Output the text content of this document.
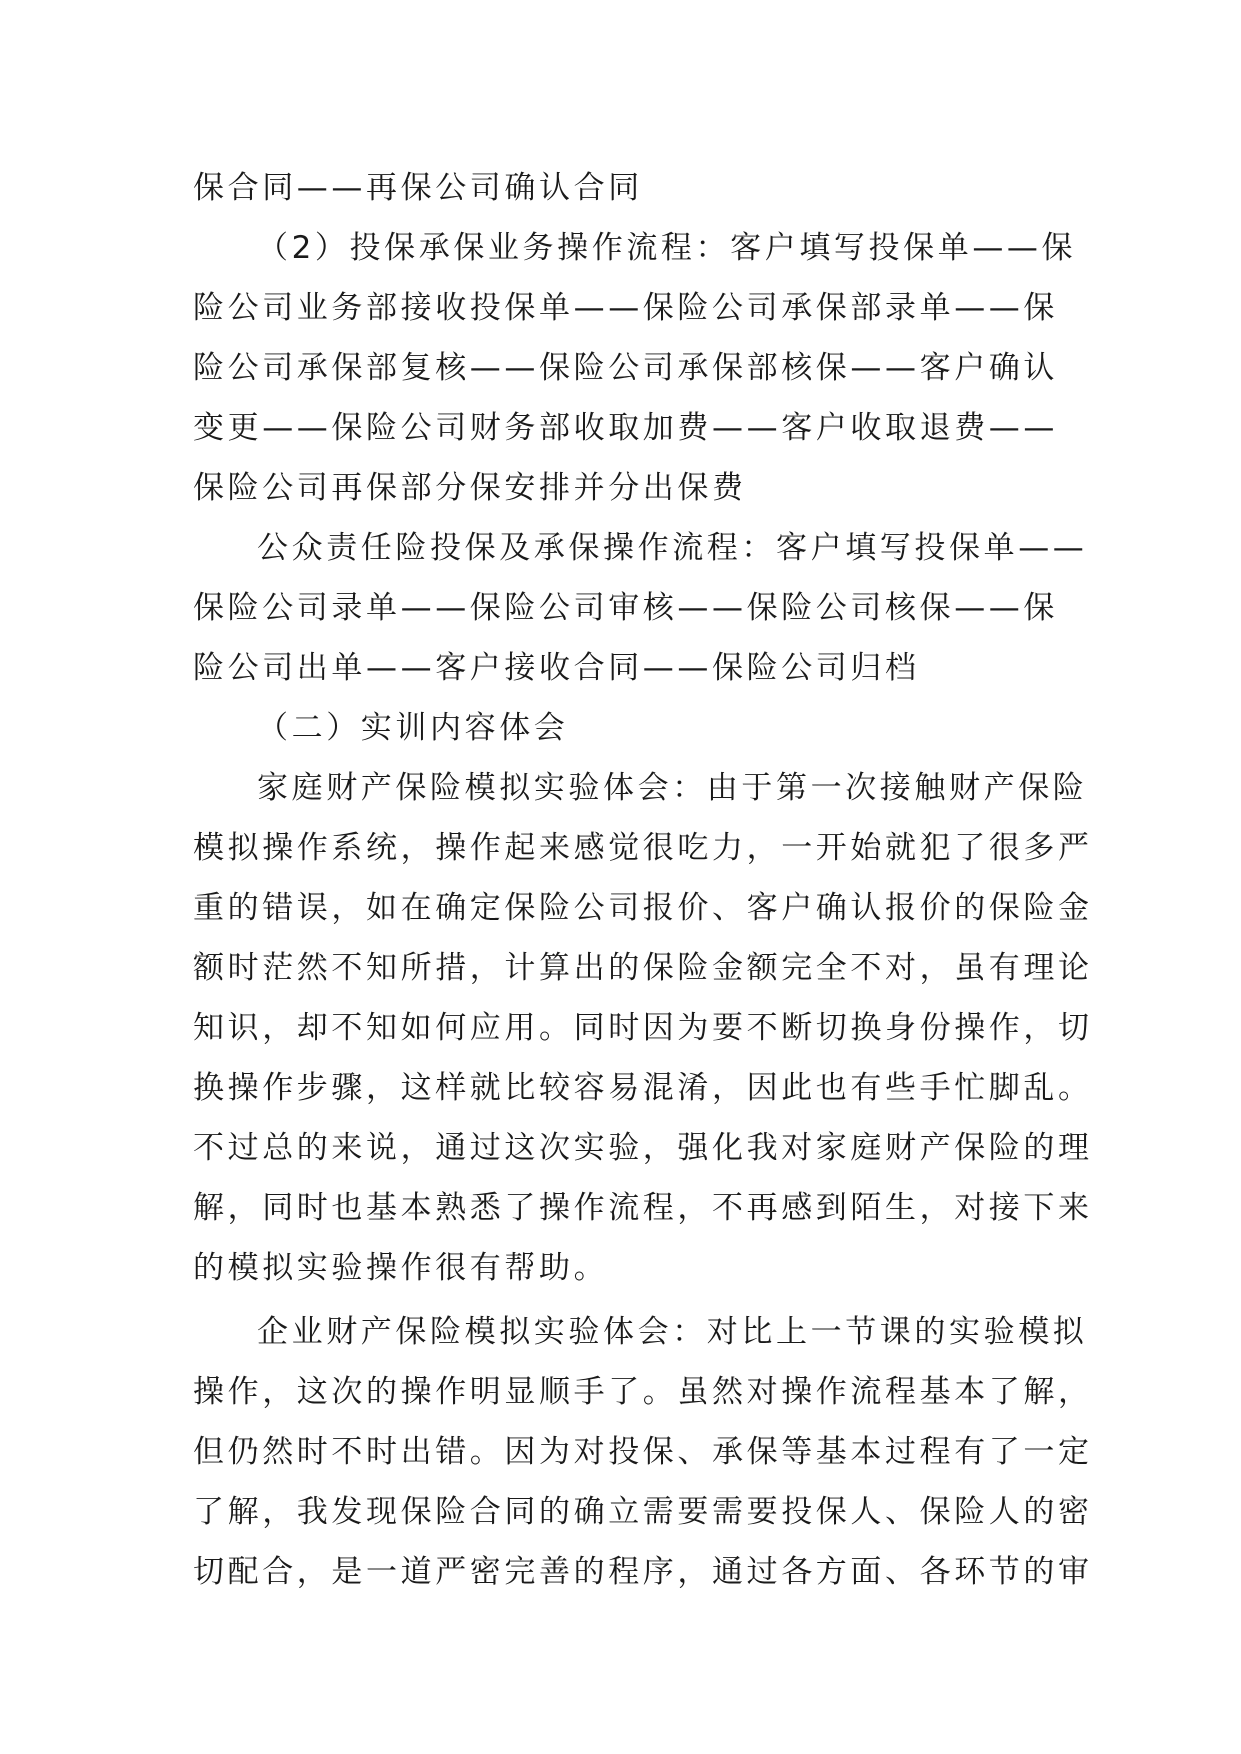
保合同——再保公司确认合同
（2）投保承保业务操作流程：客户填写投保单——保
险公司业务部接收投保单——保险公司承保部录单——保
险公司承保部复核——保险公司承保部核保——客户确认
变更——保险公司财务部收取加费——客户收取退费——
保险公司再保部分保安排并分出保费
公众责任险投保及承保操作流程：客户填写投保单——
保险公司录单——保险公司审核——保险公司核保——保
险公司出单——客户接收合同——保险公司归档
（二）实训内容体会
家庭财产保险模拟实验体会：由于第一次接触财产保险
模拟操作系统，操作起来感觉很吃力，一开始就犯了很多严
重的错误，如在确定保险公司报价、客户确认报价的保险金
额时茫然不知所措，计算出的保险金额完全不对，虽有理论
知识，却不知如何应用。同时因为要不断切换身份操作，切
换操作步骤，这样就比较容易混淆，因此也有些手忙脚乱。
不过总的来说，通过这次实验，强化我对家庭财产保险的理
解，同时也基本熟悉了操作流程，不再感到陌生，对接下来
的模拟实验操作很有帮助。
企业财产保险模拟实验体会：对比上一节课的实验模拟
操作，这次的操作明显顺手了。虽然对操作流程基本了解，
但仍然时不时出错。因为对投保、承保等基本过程有了一定
了解，我发现保险合同的确立需要需要投保人、保险人的密
切配合，是一道严密完善的程序，通过各方面、各环节的审
